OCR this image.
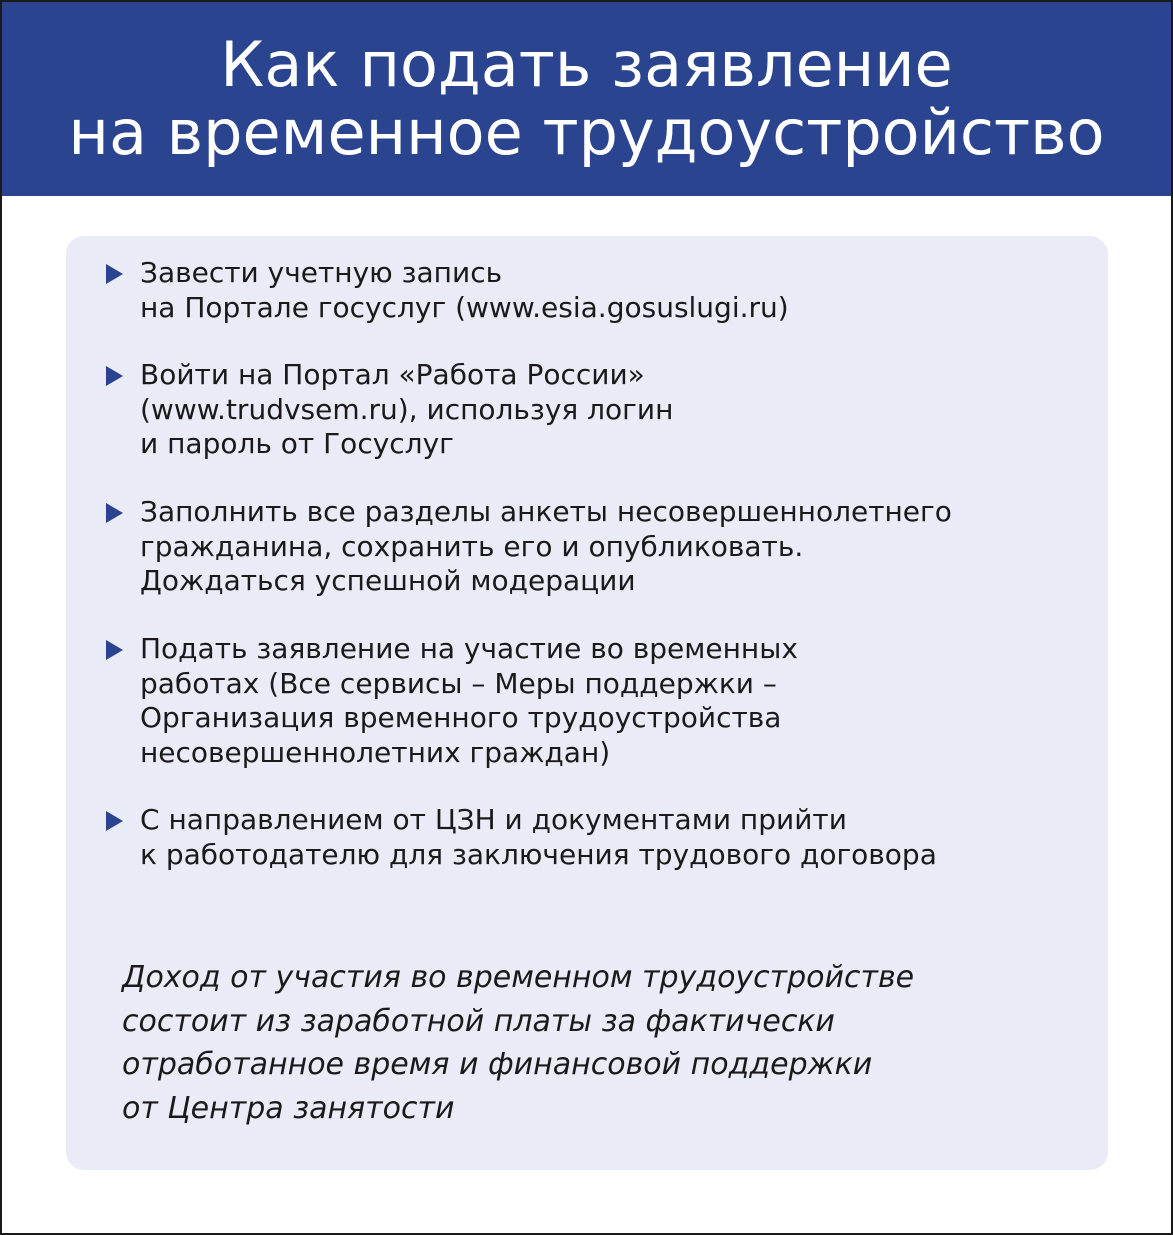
Как подать заявление
на временное трудоустройство
Завести учетную запись
на Портале госуслуг (www.esia.gosuslugi.ru)
Войти на Портал «Работа России»
(www.trudvsem.ru), используя логин
и пароль от Госуслуг
Заполнить все разделы анкеты несовершеннолетнего
гражданина, сохранить его и опубликовать.
Дождаться успешной модерации
Подать заявление на участие во временных
работах (Все сервисы – Меры поддержки –
Организация временного трудоустройства
несовершеннолетних граждан)
С направлением от ЦЗН и документами прийти
к работодателю для заключения трудового договора
Доход от участия во временном трудоустройстве
состоит из заработной платы за фактически
отработанное время и финансовой поддержки
от Центра занятости
